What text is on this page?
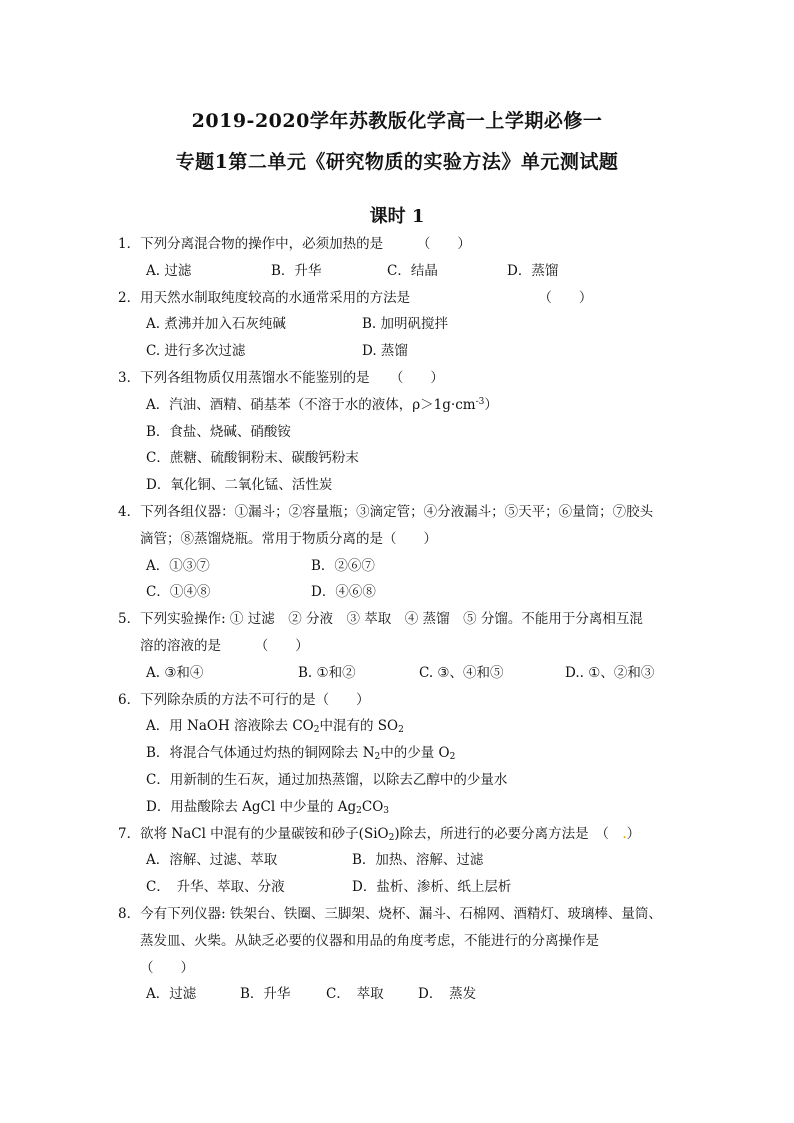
2019-2020学年苏教版化学高一上学期必修一
专题1第二单元《研究物质的实验方法》单元测试题
课时 1
1．下列分离混合物的操作中，必须加热的是　　　（　　）
A. 过滤	B．升华	C．结晶	D．蒸馏
2．用天然水制取纯度较高的水通常采用的方法是　　　　　　　　　　（　　）
A. 煮沸并加入石灰纯碱	B. 加明矾搅拌
C. 进行多次过滤	D. 蒸馏
3．下列各组物质仅用蒸馏水不能鉴别的是　　（　　）
A．汽油、酒精、硝基苯（不溶于水的液体，$\rho>1g\cdot cm^{-3}$）
B．食盐、烧碱、硝酸铵
C．蔗糖、硫酸铜粉末、碳酸钙粉末
D．氧化铜、二氧化锰、活性炭
4．下列各组仪器：①漏斗；②容量瓶；③滴定管；④分液漏斗；⑤天平；⑥量筒；⑦胶头
滴管；⑧蒸馏烧瓶。常用于物质分离的是（　　）
A．①③⑦	B．②⑥⑦
C．①④⑧	D．④⑥⑧
5．下列实验操作: ① 过滤　② 分液　③ 萃取　④ 蒸馏　⑤ 分馏。不能用于分离相互混
溶的溶液的是　　　（　　）
A. ③和④	B. ①和②	C. ③、④和⑤	D.. ①、②和③
6．下列除杂质的方法不可行的是（　　）
A．用 NaOH 溶液除去 $CO_2$中混有的 $SO_2$
B．将混合气体通过灼热的铜网除去 $N_2$中的少量 $O_2$
C．用新制的生石灰，通过加热蒸馏，以除去乙醇中的少量水
D．用盐酸除去 AgCl 中少量的 $Ag_2CO_3$
7．欲将 NaCl 中混有的少量碳铵和砂子(SiO$_2$)除去，所进行的必要分离方法是　（　.）
A．溶解、过滤、萃取	B．加热、溶解、过滤
C．　升华、萃取、分液	D．盐析、渗析、纸上层析
8．今有下列仪器: 铁架台、铁圈、三脚架、烧杯、漏斗、石棉网、酒精灯、玻璃棒、量筒、
蒸发皿、火柴。从缺乏必要的仪器和用品的角度考虑，不能进行的分离操作是
（　　）
A．过滤	B．升华	C．　萃取	D．　蒸发
